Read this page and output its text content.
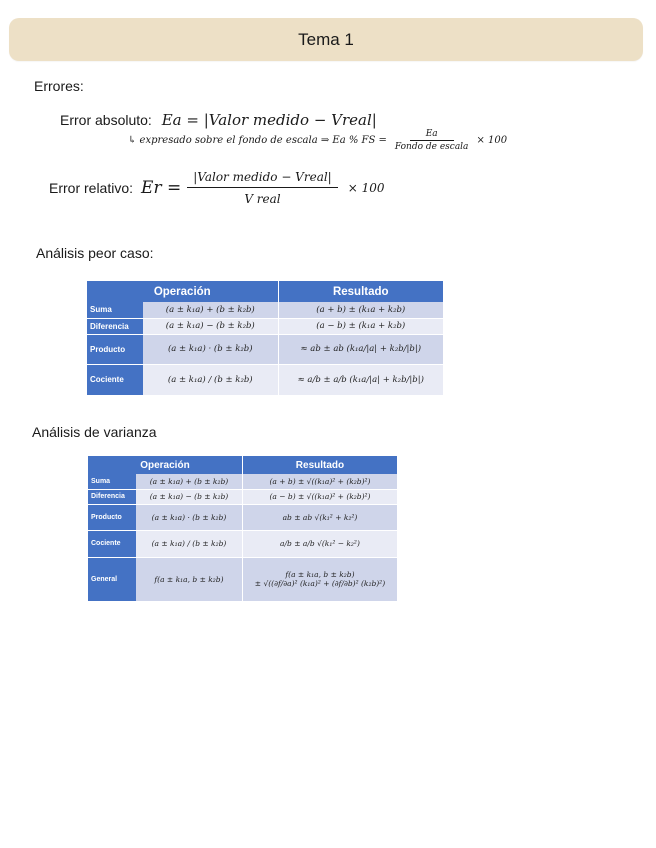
Tema 1
Errores:
Error absoluto: Ea = |Valor medido − Vreal|
↳ expresado sobre el fondo de escala ⇒ Ea % FS = $\frac{Ea}{\text{Fondo de escala}} \times 100$
Error relativo: $Er = \frac{\text{|Valor medido − Vreal|}}{\text{V real}} \times 100$
Análisis peor caso:
Operación		Resultado
Suma	(a ± k₁a) + (b ± k₂b)	(a + b) ± (k₁a + k₂b)
Diferencia	(a ± k₁a) − (b ± k₂b)	(a − b) ± (k₁a + k₂b)
Producto	(a ± k₁a) · (b ± k₂b)	≈ ab ± ab (k₁a/|a| + k₂b/|b|)
Cociente	(a ± k₁a) / (b ± k₂b)	≈ a/b ± a/b (k₁a/|a| + k₂b/|b|)
Análisis de varianza
Operación		Resultado
Suma	(a ± k₁a) + (b ± k₂b)	(a + b) ± √((k₁a)² + (k₂b)²)
Diferencia	(a ± k₁a) − (b ± k₂b)	(a − b) ± √((k₁a)² + (k₂b)²)
Producto	(a ± k₁a) · (b ± k₂b)	ab ± ab √(k₁² + k₂²)
Cociente	(a ± k₁a) / (b ± k₂b)	a/b ± a/b √(k₁² − k₂²)
General	f(a ± k₁a, b ± k₂b)	f(a ± k₁a, b ± k₂b)
± √((∂f/∂a)² (k₁a)² + (∂f/∂b)² (k₂b)²)
